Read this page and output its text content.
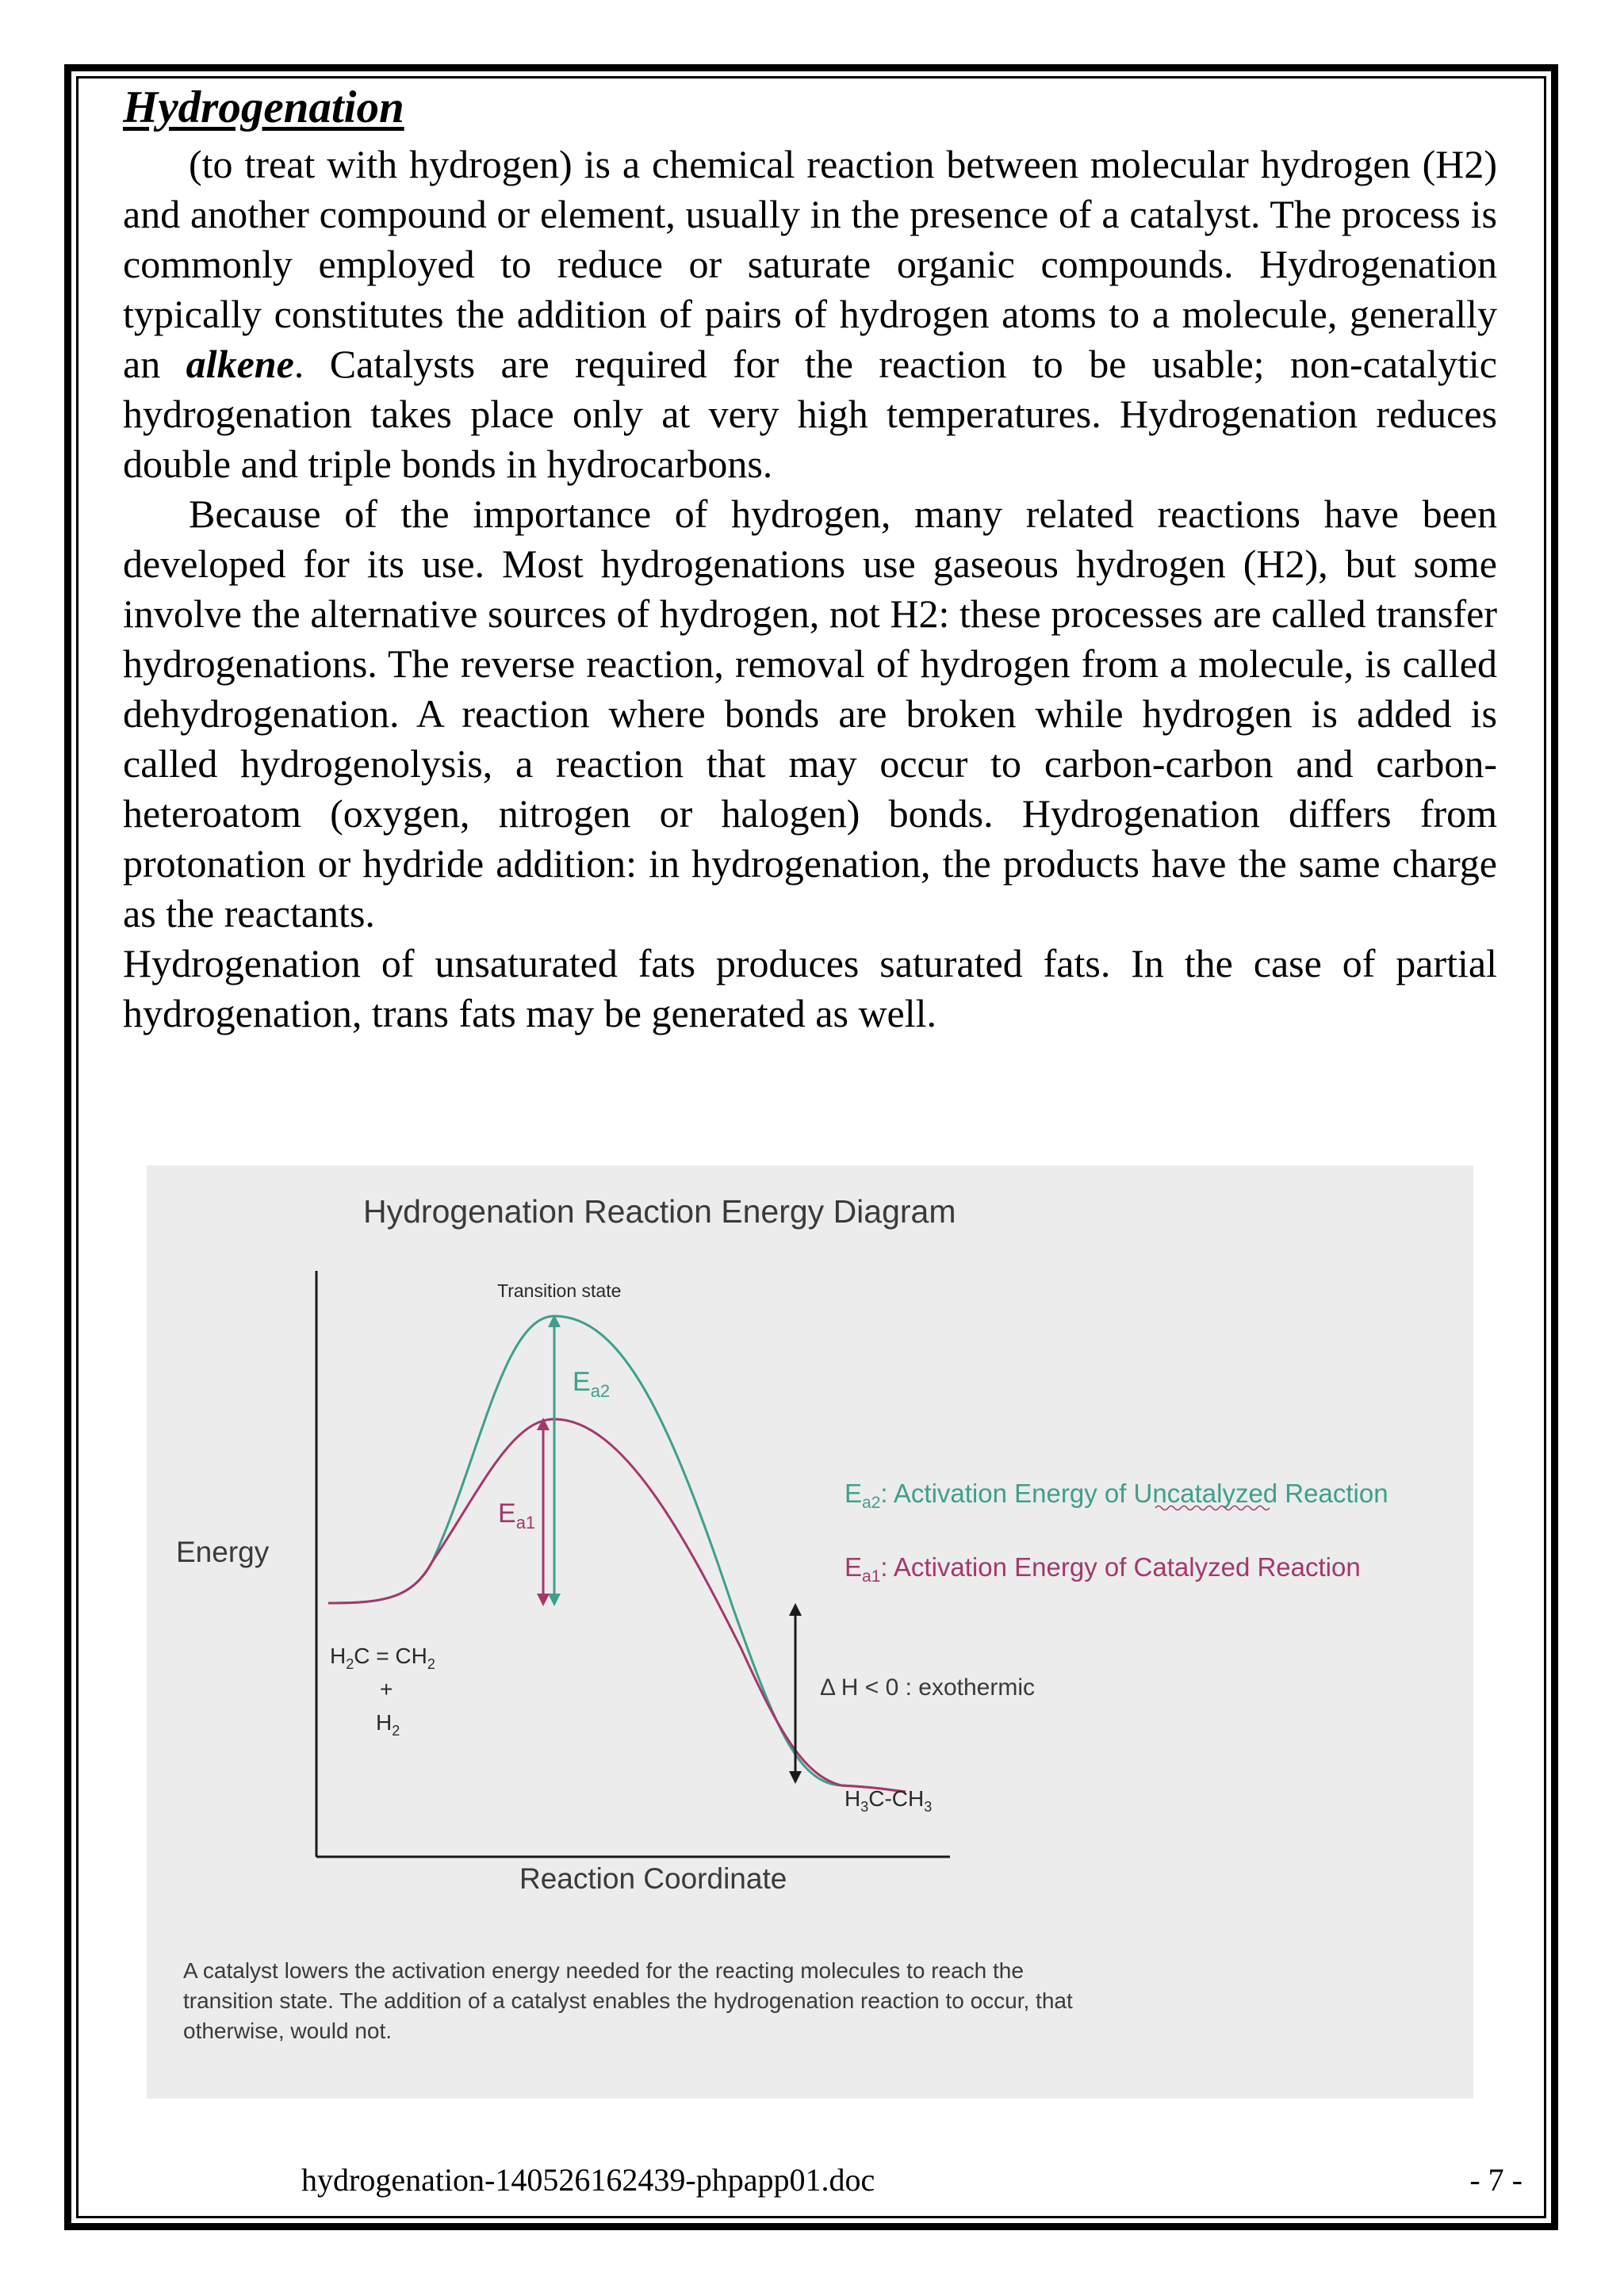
Hydrogenation

(to treat with hydrogen) is a chemical reaction between molecular hydrogen (H2) and another compound or element, usually in the presence of a catalyst. The process is commonly employed to reduce or saturate organic compounds. Hydrogenation typically constitutes the addition of pairs of hydrogen atoms to a molecule, generally an alkene. Catalysts are required for the reaction to be usable; non-catalytic hydrogenation takes place only at very high temperatures. Hydrogenation reduces double and triple bonds in hydrocarbons.

Because of the importance of hydrogen, many related reactions have been developed for its use. Most hydrogenations use gaseous hydrogen (H2), but some involve the alternative sources of hydrogen, not H2: these processes are called transfer hydrogenations. The reverse reaction, removal of hydrogen from a molecule, is called dehydrogenation. A reaction where bonds are broken while hydrogen is added is called hydrogenolysis, a reaction that may occur to carbon-carbon and carbon-heteroatom (oxygen, nitrogen or halogen) bonds. Hydrogenation differs from protonation or hydride addition: in hydrogenation, the products have the same charge as the reactants.

Hydrogenation of unsaturated fats produces saturated fats. In the case of partial hydrogenation, trans fats may be generated as well.

Hydrogenation Reaction Energy Diagram
Energy
Reaction Coordinate
Transition state
$E_{a2}$
$E_{a1}$
$E_{a2}$: Activation Energy of Uncatalyzed Reaction
$E_{a1}$: Activation Energy of Catalyzed Reaction
Δ H < 0 : exothermic
$H_2C = CH_2$
+
$H_2$
$H_3C-CH_3$
A catalyst lowers the activation energy needed for the reacting molecules to reach the
transition state. The addition of a catalyst enables the hydrogenation reaction to occur, that
otherwise, would not.
hydrogenation-140526162439-phpapp01.doc	- 7 -
